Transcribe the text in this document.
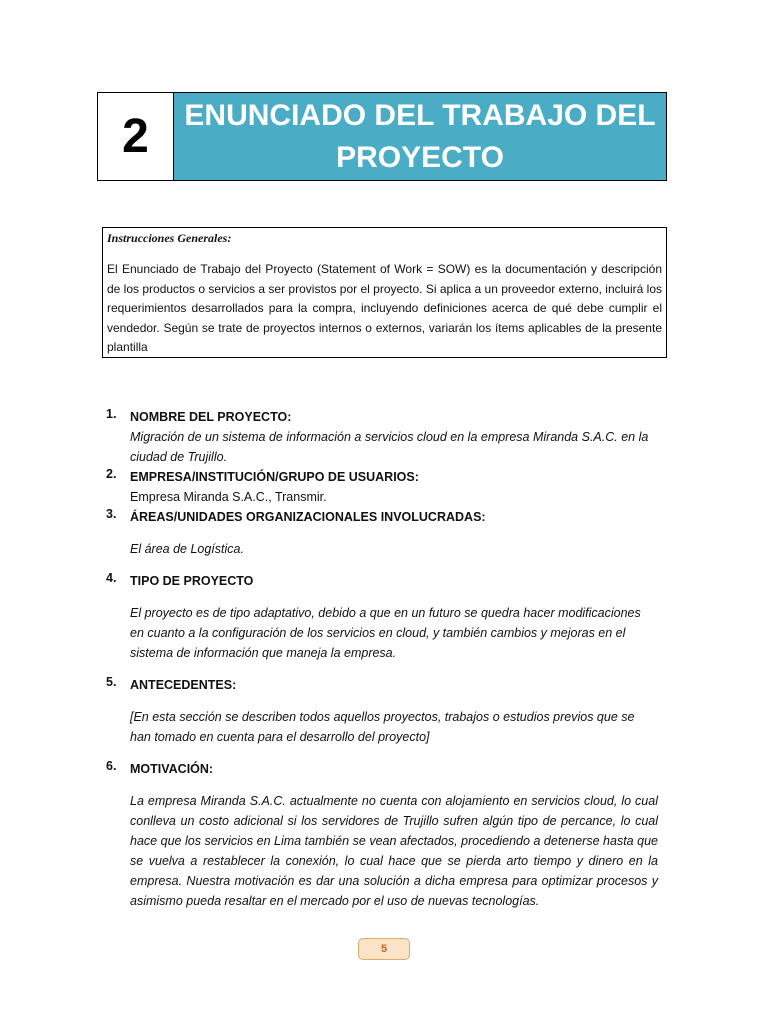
2	ENUNCIADO DEL TRABAJO DEL PROYECTO

Instrucciones Generales:

El Enunciado de Trabajo del Proyecto (Statement of Work = SOW) es la documentación y descripción de los productos o servicios a ser provistos por el proyecto. Si aplica a un proveedor externo, incluirá los requerimientos desarrollados para la compra, incluyendo definiciones acerca de qué debe cumplir el vendedor. Según se trate de proyectos internos o externos, variarán los ítems aplicables de la presente plantilla

1. NOMBRE DEL PROYECTO:

Migración de un sistema de información a servicios cloud en la empresa Miranda S.A.C. en la ciudad de Trujillo.

2. EMPRESA/INSTITUCIÓN/GRUPO DE USUARIOS:

Empresa Miranda S.A.C., Transmir.

3. ÁREAS/UNIDADES ORGANIZACIONALES INVOLUCRADAS:

El área de Logística.

4. TIPO DE PROYECTO

El proyecto es de tipo adaptativo, debido a que en un futuro se quedra hacer modificaciones en cuanto a la configuración de los servicios en cloud, y también cambios y mejoras en el sistema de información que maneja la empresa.

5. ANTECEDENTES:

[En esta sección se describen todos aquellos proyectos, trabajos o estudios previos que se han tomado en cuenta para el desarrollo del proyecto]

6. MOTIVACIÓN:

La empresa Miranda S.A.C. actualmente no cuenta con alojamiento en servicios cloud, lo cual conlleva un costo adicional si los servidores de Trujillo sufren algún tipo de percance, lo cual hace que los servicios en Lima también se vean afectados, procediendo a detenerse hasta que se vuelva a restablecer la conexión, lo cual hace que se pierda arto tiempo y dinero en la empresa. Nuestra motivación es dar una solución a dicha empresa para optimizar procesos y asimismo pueda resaltar en el mercado por el uso de nuevas tecnologías.

5
